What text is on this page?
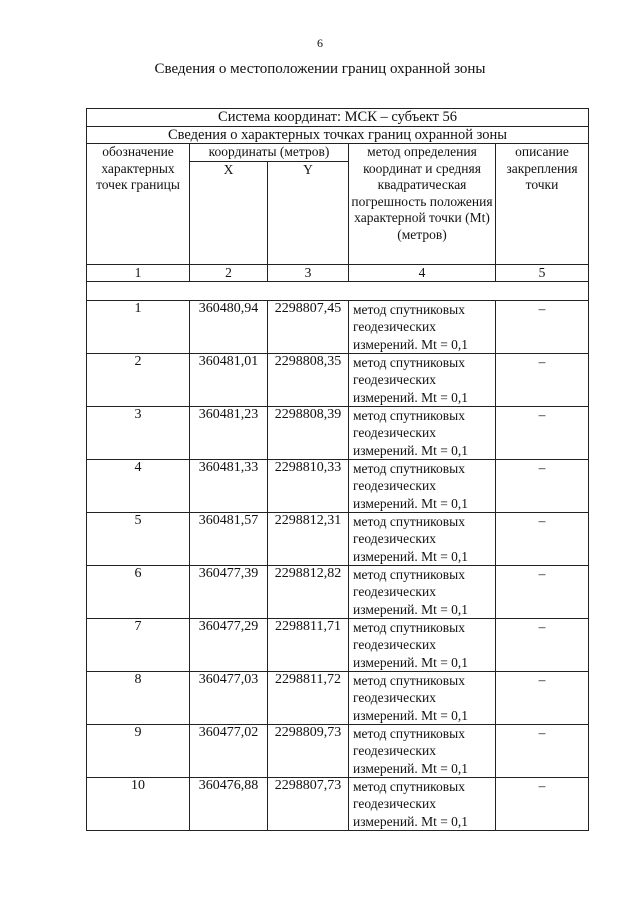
6
Сведения о местоположении границ охранной зоны
Система координат: МСК – субъект 56				
Сведения о характерных точках границ охранной зоны				
обозначение характерных точек границы	координаты (метров)		метод определения координат и средняя квадратическая погрешность положения характерной точки (Mt) (метров)	описание закрепления точки
	X	Y		
1	2	3	4	5

1	360480,94	2298807,45	метод спутниковых геодезических измерений. Mt = 0,1	–
2	360481,01	2298808,35	метод спутниковых геодезических измерений. Mt = 0,1	–
3	360481,23	2298808,39	метод спутниковых геодезических измерений. Mt = 0,1	–
4	360481,33	2298810,33	метод спутниковых геодезических измерений. Mt = 0,1	–
5	360481,57	2298812,31	метод спутниковых геодезических измерений. Mt = 0,1	–
6	360477,39	2298812,82	метод спутниковых геодезических измерений. Mt = 0,1	–
7	360477,29	2298811,71	метод спутниковых геодезических измерений. Mt = 0,1	–
8	360477,03	2298811,72	метод спутниковых геодезических измерений. Mt = 0,1	–
9	360477,02	2298809,73	метод спутниковых геодезических измерений. Mt = 0,1	–
10	360476,88	2298807,73	метод спутниковых геодезических измерений. Mt = 0,1	–
